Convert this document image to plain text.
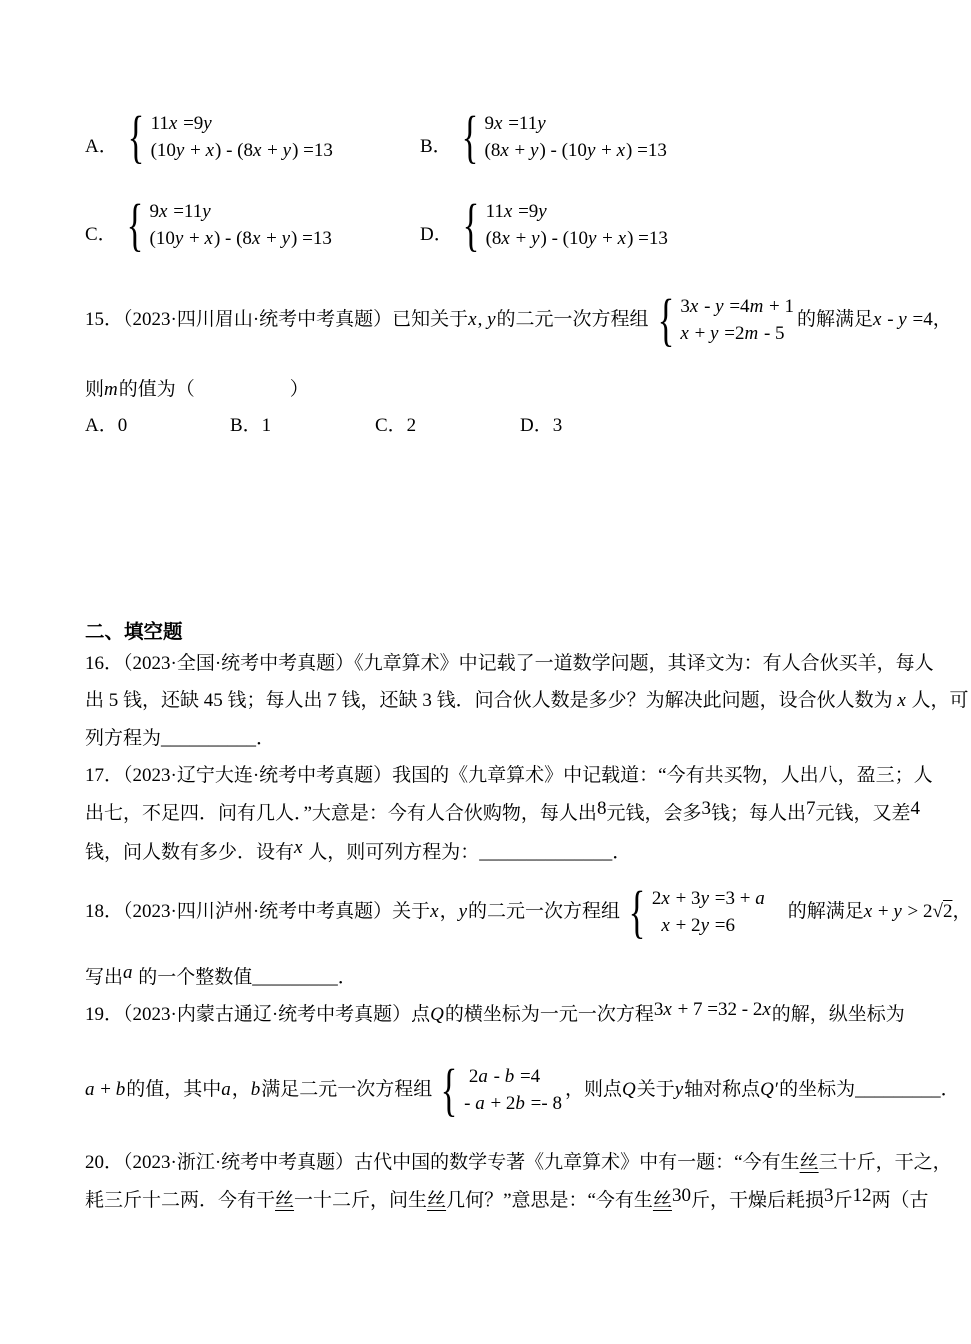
A． { 11x =9y
(10y + x) - (8x + y) =13	B． { 9x =11y
(8x + y) - (10y + x) =13
C． { 9x =11y
(10y + x) - (8x + y) =13	D． { 11x =9y
(8x + y) - (10y + x) =13
15．（2023·四川眉山·统考中考真题）已知关于 x, y 的二元一次方程组 { 3x - y =4m + 1
x + y =2m - 5
的解满足 x - y =4 ，
则m的值为（　　　　　）
A．0	B．1	C．2	D．3
二、填空题
16．（2023·全国·统考中考真题）《九章算术》中记载了一道数学问题，其译文为：有人合伙买羊，每人
出 5 钱，还缺 45 钱；每人出 7 钱，还缺 3 钱．问合伙人数是多少？为解决此问题，设合伙人数为 x 人，可
列方程为__________．
17．（2023·辽宁大连·统考中考真题）我国的《九章算术》中记载道：“今有共买物，人出八，盈三；人
出七，不足四．问有几人．”大意是：今有人合伙购物，每人出8元钱，会多3钱；每人出7元钱，又差4
钱，问人数有多少．设有x 人，则可列方程为：______________．
18．（2023·四川泸州·统考中考真题）关于 x ， y 的二元一次方程组 { 2x + 3y =3 + a
x + 2y =6
　的解满足 x + y > 2 √2 ，
写出a 的一个整数值_________．
19．（2023·内蒙古通辽·统考中考真题）点Q的横坐标为一元一次方程3x + 7 =32 - 2x的解，纵坐标为
a + b 的值，其中 a ， b 满足二元一次方程组 { 2a - b =4
- a + 2b =- 8
，则点 Q 关于 y 轴对称点 Q′ 的坐标为 _________ ．
20．（2023·浙江·统考中考真题）古代中国的数学专著《九章算术》中有一题：“今有生丝三十斤，干之，
耗三斤十二两．今有干丝一十二斤，问生丝几何？”意思是：“今有生丝30斤，干燥后耗损3斤12两（古
